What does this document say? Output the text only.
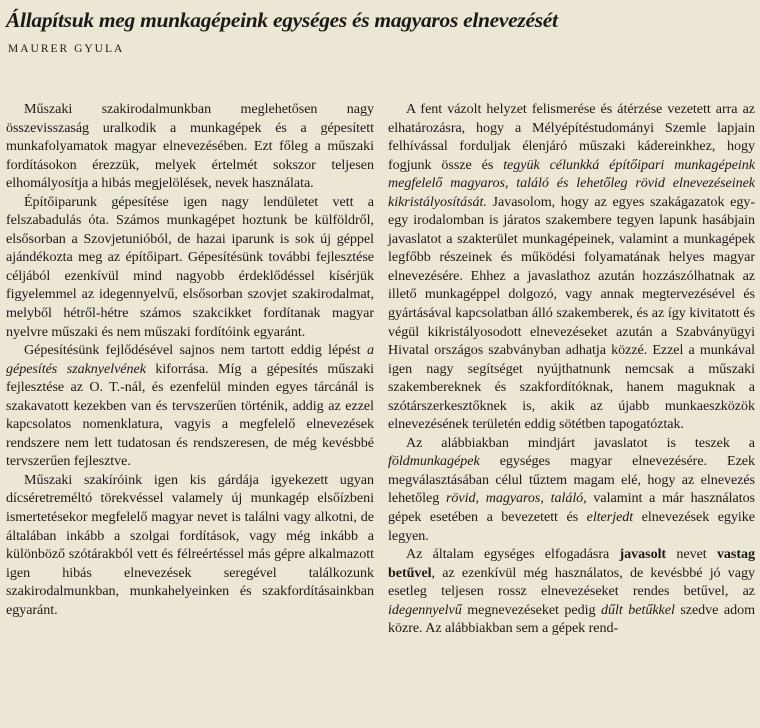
Állapítsuk meg munkagépeink egységes és magyaros elnevezését
MAURER GYULA

Műszaki szakirodalmunkban meglehetősen nagy összevisszaság uralkodik a munkagépek és a gépesített munkafolyamatok magyar elnevezésében. Ezt főleg a műszaki fordításokon érezzük, melyek értelmét sokszor teljesen elhomályosítja a hibás megjelölések, nevek használata.

Építőiparunk gépesítése igen nagy lendületet vett a felszabadulás óta. Számos munkagépet hoztunk be külföldről, elsősorban a Szovjetunióból, de hazai iparunk is sok új géppel ajándékozta meg az építőipart. Gépesítésünk további fejlesztése céljából ezenkívül mind nagyobb érdeklődéssel kísérjük figyelemmel az idegennyelvű, elsősorban szovjet szakirodalmat, melyből hétről-hétre számos szakcikket fordítanak magyar nyelvre műszaki és nem műszaki fordítóink egyaránt.

Gépesítésünk fejlődésével sajnos nem tartott eddig lépést a gépesítés szaknyelvének kiforrása. Míg a gépesítés műszaki fejlesztése az O. T.-nál, és ezenfelül minden egyes tárcánál is szakavatott kezekben van és tervszerűen történik, addig az ezzel kapcsolatos nomenklatura, vagyis a megfelelő elnevezések rendszere nem lett tudatosan és rendszeresen, de még kevésbbé tervszerűen fejlesztve.

Műszaki szakíróink igen kis gárdája igyekezett ugyan dícséretreméltó törekvéssel valamely új munkagép elsőízbeni ismertetésekor megfelelő magyar nevet is találni vagy alkotni, de általában inkább a szolgai fordítások, vagy még inkább a különböző szótárakból vett és félreértéssel más gépre alkalmazott igen hibás elnevezések seregével találkozunk szakirodalmunkban, munkahelyeinken és szakfordításainkban egyaránt.

A fent vázolt helyzet felismerése és átérzése vezetett arra az elhatározásra, hogy a Mélyépítéstudományi Szemle lapjain felhívással forduljak élenjáró műszaki kádereinkhez, hogy fogjunk össze és tegyük célunkká építőipari munkagépeink megfelelő magyaros, találó és lehetőleg rövid elnevezéseinek kikristályosítását. Javasolom, hogy az egyes szakágazatok egy-egy irodalomban is járatos szakembere tegyen lapunk hasábjain javaslatot a szakterület munkagépeinek, valamint a munkagépek legfőbb részeinek és működési folyamatának helyes magyar elnevezésére. Ehhez a javaslathoz azután hozzászólhatnak az illető munkagéppel dolgozó, vagy annak megtervezésével és gyártásával kapcsolatban álló szakemberek, és az így kivitatott és végül kikristályosodott elnevezéseket azután a Szabványügyi Hivatal országos szabványban adhatja közzé. Ezzel a munkával igen nagy segítséget nyújthatnunk nemcsak a műszaki szakembereknek és szakfordítóknak, hanem maguknak a szótárszerkesztőknek is, akik az újabb munkaeszközök elnevezésének területén eddig sötétben tapogatóztak.

Az alábbiakban mindjárt javaslatot is teszek a földmunkagépek egységes magyar elnevezésére. Ezek megválasztásában célul tűztem magam elé, hogy az elnevezés lehetőleg rövid, magyaros, találó, valamint a már használatos gépek esetében a bevezetett és elterjedt elnevezések egyike legyen.

Az általam egységes elfogadásra javasolt nevet vastag betűvel, az ezenkívül még használatos, de kevésbbé jó vagy esetleg teljesen rossz elnevezéseket rendes betűvel, az idegennyelvű megnevezéseket pedig dűlt betűkkel szedve adom közre. Az alábbiakban sem a gépek rend-
